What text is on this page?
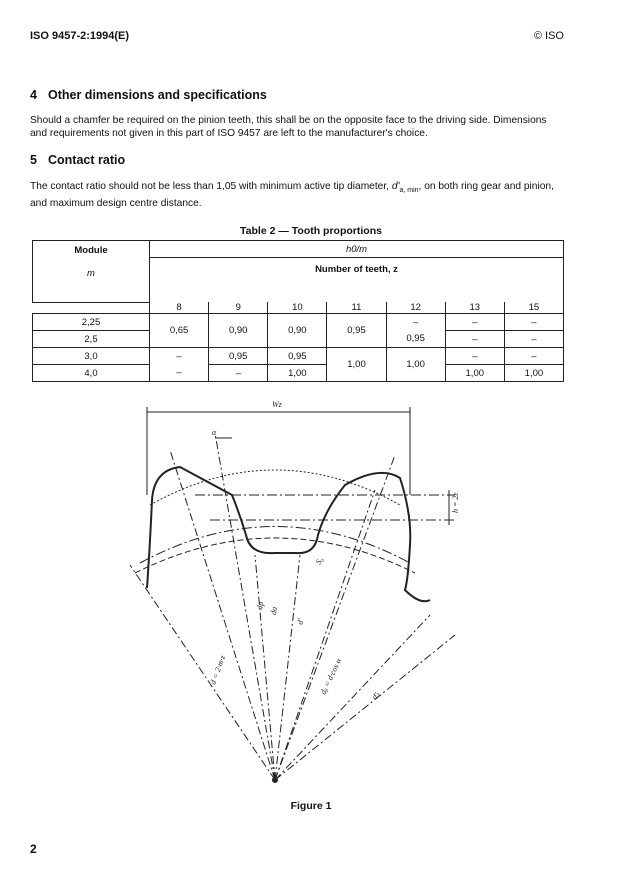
ISO 9457-2:1994(E)	© ISO
4 Other dimensions and specifications
Should a chamfer be required on the pinion teeth, this shall be on the opposite face to the driving side. Dimensions and requirements not given in this part of ISO 9457 are left to the manufacturer's choice.
5 Contact ratio
The contact ratio should not be less than 1,05 with minimum active tip diameter, $d'_{a, min}$, on both ring gear and pinion, and maximum design centre distance.
Table 2 — Tooth proportions
Module
m	h0/m						

	Number of teeth, z						

	8	9	10	11	12	13	15
2,25	0,65	0,90	0,90	0,95	–	–	–
2,5					0,95	–	–
3,0	–	0,95	0,95	1,00	1,00	–	–
4,0	–	–	1,00			1,00	1,00
Wz
α
h = 2ε
S₀
d = 2·m·z
dp
da
d'
dᵦ = d·cos α	d'ₜ
Figure 1
2
